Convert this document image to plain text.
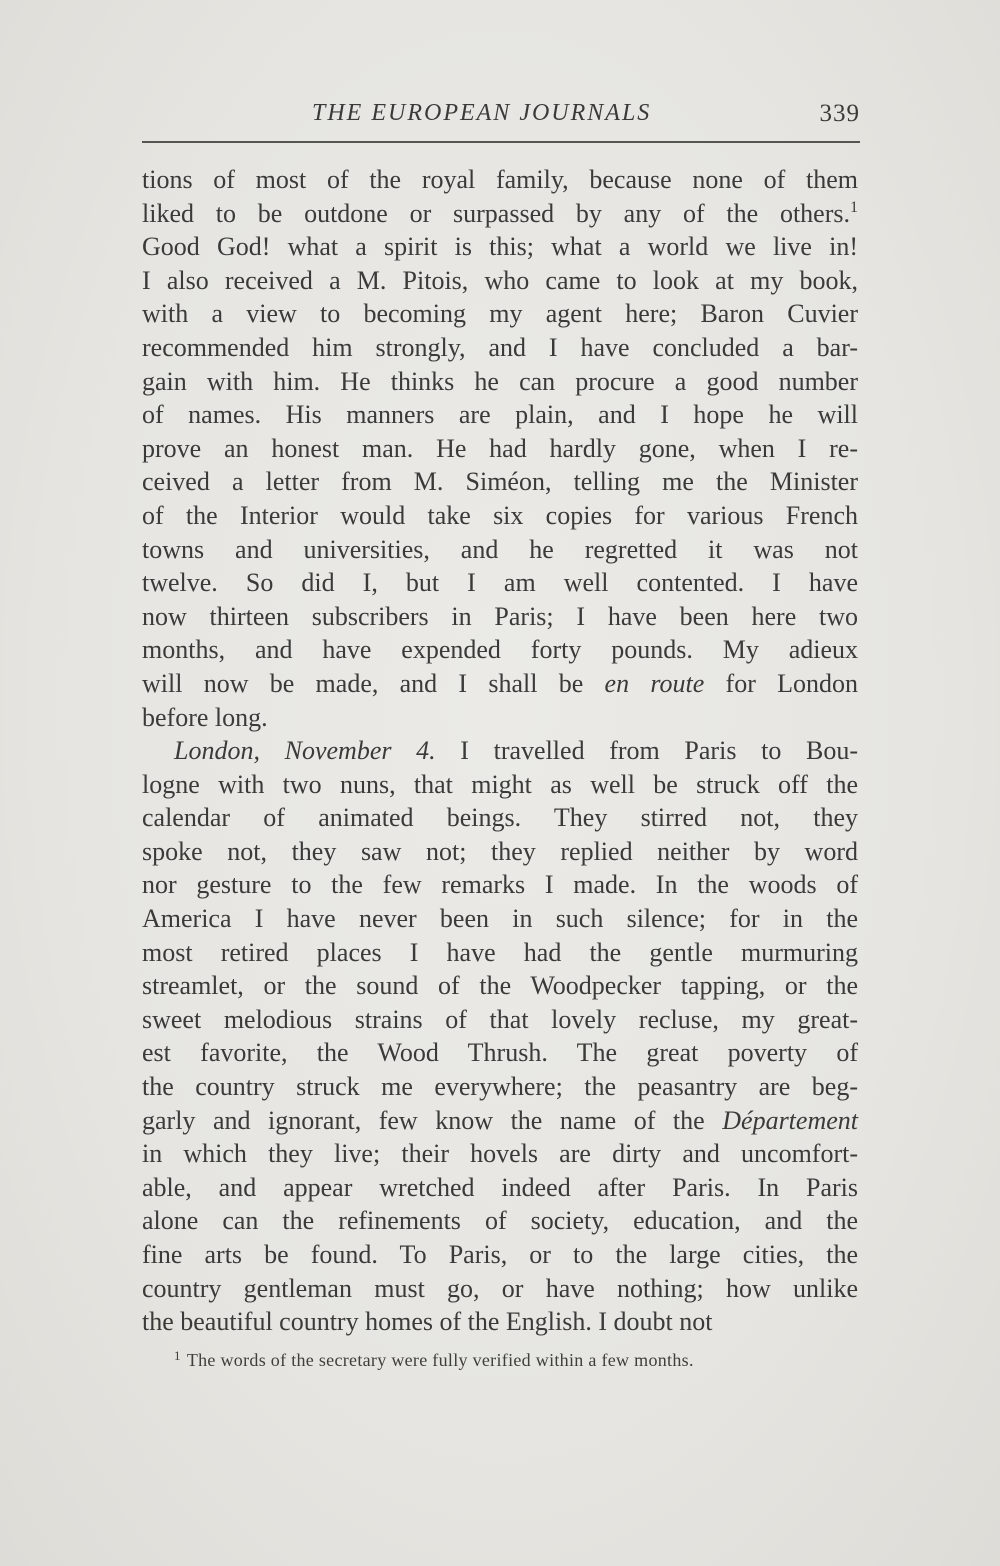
THE EUROPEAN JOURNALS	339
tions of most of the royal family, because none of them
liked to be outdone or surpassed by any of the others.$^1$
Good God! what a spirit is this; what a world we live in!
I also received a M. Pitois, who came to look at my book,
with a view to becoming my agent here; Baron Cuvier
recommended him strongly, and I have concluded a bar-
gain with him. He thinks he can procure a good number
of names. His manners are plain, and I hope he will
prove an honest man. He had hardly gone, when I re-
ceived a letter from M. Siméon, telling me the Minister
of the Interior would take six copies for various French
towns and universities, and he regretted it was not
twelve. So did I, but I am well contented. I have
now thirteen subscribers in Paris; I have been here two
months, and have expended forty pounds. My adieux
will now be made, and I shall be en route for London
before long.
London, November 4. I travelled from Paris to Bou-
logne with two nuns, that might as well be struck off the
calendar of animated beings. They stirred not, they
spoke not, they saw not; they replied neither by word
nor gesture to the few remarks I made. In the woods of
America I have never been in such silence; for in the
most retired places I have had the gentle murmuring
streamlet, or the sound of the Woodpecker tapping, or the
sweet melodious strains of that lovely recluse, my great-
est favorite, the Wood Thrush. The great poverty of
the country struck me everywhere; the peasantry are beg-
garly and ignorant, few know the name of the Département
in which they live; their hovels are dirty and uncomfort-
able, and appear wretched indeed after Paris. In Paris
alone can the refinements of society, education, and the
fine arts be found. To Paris, or to the large cities, the
country gentleman must go, or have nothing; how unlike
the beautiful country homes of the English. I doubt not
$^1$ The words of the secretary were fully verified within a few months.
